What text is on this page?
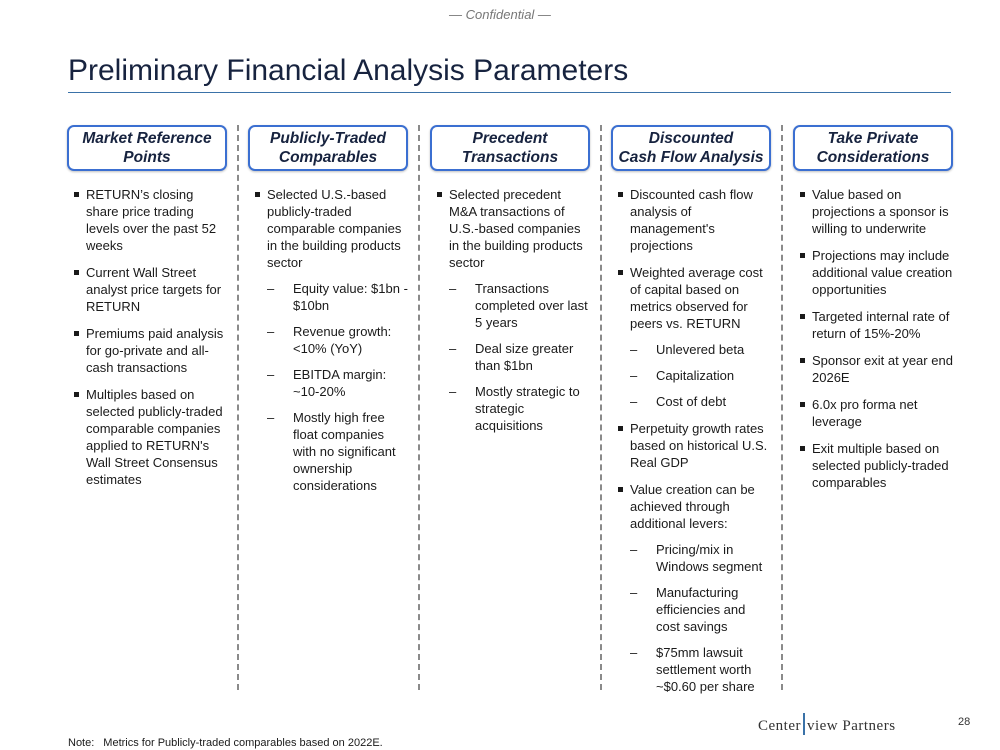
— Confidential —
Preliminary Financial Analysis Parameters
Market Reference
Points
RETURN’s closing share price trading levels over the past 52 weeks
Current Wall Street analyst price targets for RETURN
Premiums paid analysis for go-private and all-cash transactions
Multiples based on selected publicly-traded comparable companies applied to RETURN's Wall Street Consensus estimates
Publicly-Traded
Comparables
Selected U.S.-based publicly-traded comparable companies in the building products sector
– Equity value: $1bn - $10bn
– Revenue growth: <10% (YoY)
– EBITDA margin: ~10-20%
– Mostly high free float companies with no significant ownership considerations
Precedent
Transactions
Selected precedent M&A transactions of U.S.-based companies in the building products sector
– Transactions completed over last 5 years
– Deal size greater than $1bn
– Mostly strategic to strategic acquisitions
Discounted
Cash Flow Analysis
Discounted cash flow analysis of management's projections
Weighted average cost of capital based on metrics observed for peers vs. RETURN
– Unlevered beta
– Capitalization
– Cost of debt
Perpetuity growth rates based on historical U.S. Real GDP
Value creation can be achieved through additional levers:
– Pricing/mix in Windows segment
– Manufacturing efficiencies and cost savings
– $75mm lawsuit settlement worth ~$0.60 per share
Take Private
Considerations
Value based on projections a sponsor is willing to underwrite
Projections may include additional value creation opportunities
Targeted internal rate of return of 15%-20%
Sponsor exit at year end 2026E
6.0x pro forma net leverage
Exit multiple based on selected publicly-traded comparables
Center view Partners	28
Note: Metrics for Publicly-traded comparables based on 2022E.
